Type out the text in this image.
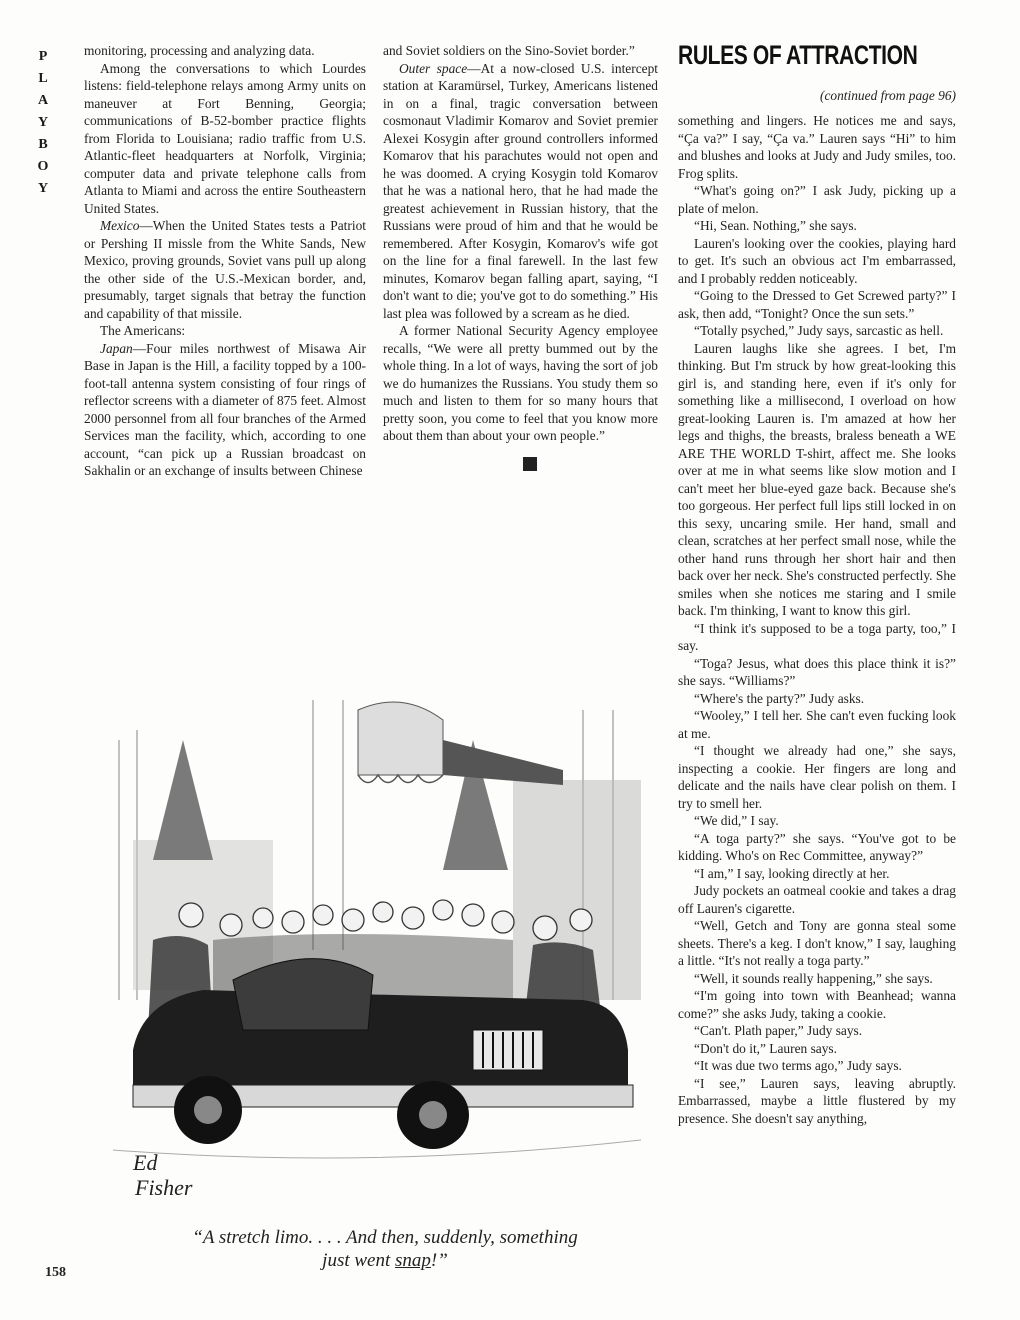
P
L
A
Y
B
O
Y

monitoring, processing and analyzing data.

Among the conversations to which Lourdes listens: field-telephone relays among Army units on maneuver at Fort Benning, Georgia; communications of B-52-bomber practice flights from Florida to Louisiana; radio traffic from U.S. Atlantic-fleet headquarters at Norfolk, Virginia; computer data and private telephone calls from Atlanta to Miami and across the entire Southeastern United States.

Mexico—When the United States tests a Patriot or Pershing II missle from the White Sands, New Mexico, proving grounds, Soviet vans pull up along the other side of the U.S.-Mexican border, and, presumably, target signals that betray the function and capability of that missile.

The Americans:

Japan—Four miles northwest of Misawa Air Base in Japan is the Hill, a facility topped by a 100-foot-tall antenna system consisting of four rings of reflector screens with a diameter of 875 feet. Almost 2000 personnel from all four branches of the Armed Services man the facility, which, according to one account, “can pick up a Russian broadcast on Sakhalin or an exchange of insults between Chinese

and Soviet soldiers on the Sino-Soviet border.”

Outer space—At a now-closed U.S. intercept station at Karamürsel, Turkey, Americans listened in on a final, tragic conversation between cosmonaut Vladimir Komarov and Soviet premier Alexei Kosygin after ground controllers informed Komarov that his parachutes would not open and he was doomed. A crying Kosygin told Komarov that he was a national hero, that he had made the greatest achievement in Russian history, that the Russians were proud of him and that he would be remembered. After Kosygin, Komarov's wife got on the line for a final farewell. In the last few minutes, Komarov began falling apart, saying, “I don't want to die; you've got to do something.” His last plea was followed by a scream as he died.

A former National Security Agency employee recalls, “We were all pretty bummed out by the whole thing. In a lot of ways, having the sort of job we do humanizes the Russians. You study them so much and listen to them for so many hours that pretty soon, you come to feel that you know more about them than about your own people.”
■

RULES OF ATTRACTION
(continued from page 96)

something and lingers. He notices me and says, “Ça va?” I say, “Ça va.” Lauren says “Hi” to him and blushes and looks at Judy and Judy smiles, too. Frog splits.

“What's going on?” I ask Judy, picking up a plate of melon.

“Hi, Sean. Nothing,” she says.

Lauren's looking over the cookies, playing hard to get. It's such an obvious act I'm embarrassed, and I probably redden noticeably.

“Going to the Dressed to Get Screwed party?” I ask, then add, “Tonight? Once the sun sets.”

“Totally psyched,” Judy says, sarcastic as hell.

Lauren laughs like she agrees. I bet, I'm thinking. But I'm struck by how great-looking this girl is, and standing here, even if it's only for something like a millisecond, I overload on how great-looking Lauren is. I'm amazed at how her legs and thighs, the breasts, braless beneath a WE ARE THE WORLD T-shirt, affect me. She looks over at me in what seems like slow motion and I can't meet her blue-eyed gaze back. Because she's too gorgeous. Her perfect full lips still locked in on this sexy, uncaring smile. Her hand, small and clean, scratches at her perfect small nose, while the other hand runs through her short hair and then back over her neck. She's constructed perfectly. She smiles when she notices me staring and I smile back. I'm thinking, I want to know this girl.

“I think it's supposed to be a toga party, too,” I say.

“Toga? Jesus, what does this place think it is?” she says. “Williams?”

“Where's the party?” Judy asks.

“Wooley,” I tell her. She can't even fucking look at me.

“I thought we already had one,” she says, inspecting a cookie. Her fingers are long and delicate and the nails have clear polish on them. I try to smell her.

“We did,” I say.

“A toga party?” she says. “You've got to be kidding. Who's on Rec Committee, anyway?”

“I am,” I say, looking directly at her.

Judy pockets an oatmeal cookie and takes a drag off Lauren's cigarette.

“Well, Getch and Tony are gonna steal some sheets. There's a keg. I don't know,” I say, laughing a little. “It's not really a toga party.”

“Well, it sounds really happening,” she says.

“I'm going into town with Beanhead; wanna come?” she asks Judy, taking a cookie.

“Can't. Plath paper,” Judy says.

“Don't do it,” Lauren says.

“It was due two terms ago,” Judy says.

“I see,” Lauren says, leaving abruptly. Embarrassed, maybe a little flustered by my presence. She doesn't say anything,

Ed
Fisher
“A stretch limo. . . . And then, suddenly, something
just went snap!”
158
